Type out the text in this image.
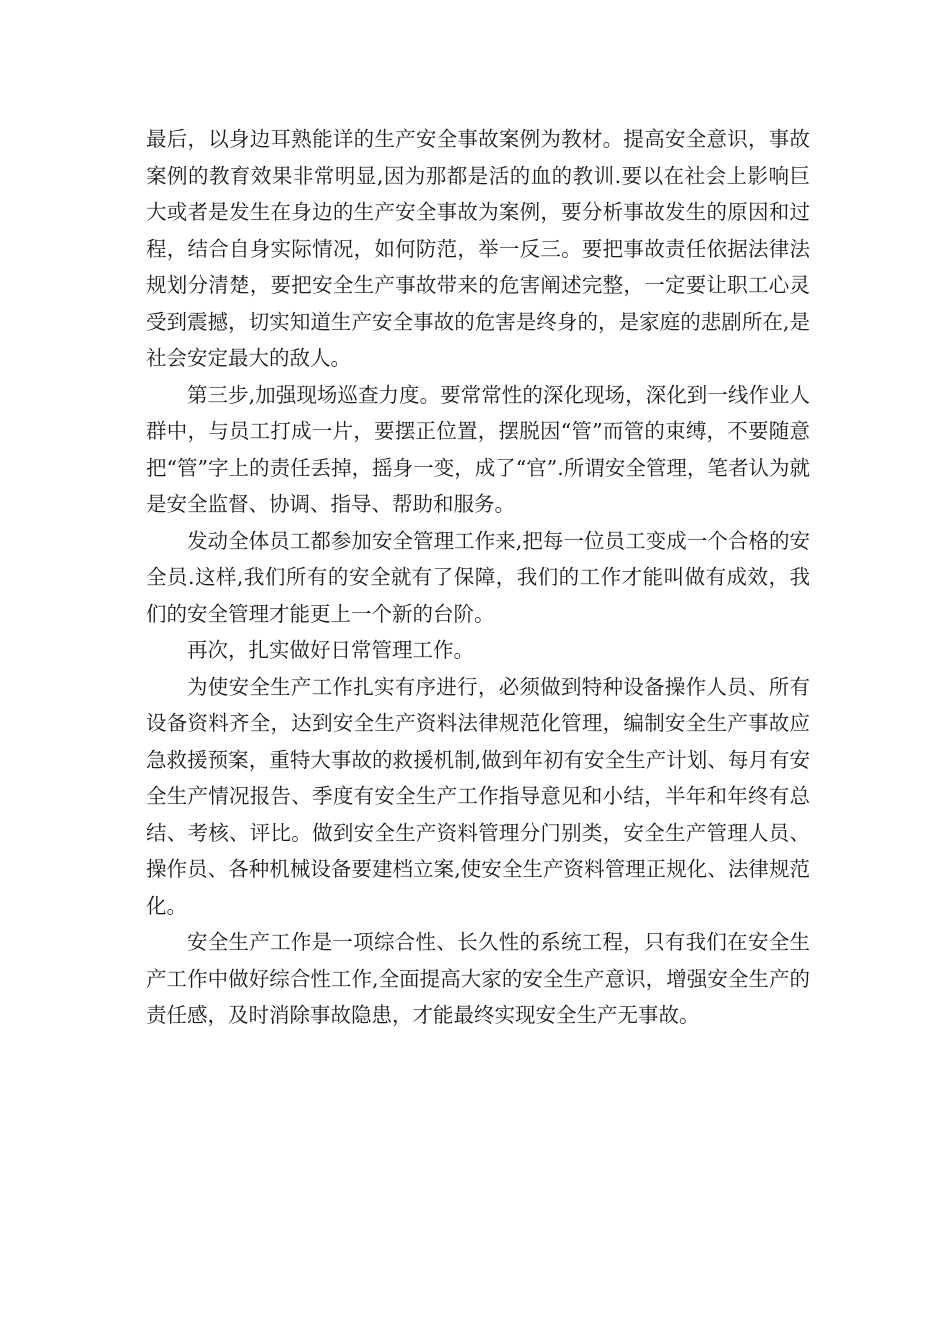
最后，以身边耳熟能详的生产安全事故案例为教材。提高安全意识，事故案例的教育效果非常明显,因为那都是活的血的教训.要以在社会上影响巨大或者是发生在身边的生产安全事故为案例，要分析事故发生的原因和过程，结合自身实际情况，如何防范，举一反三。要把事故责任依据法律法规划分清楚，要把安全生产事故带来的危害阐述完整，一定要让职工心灵受到震撼，切实知道生产安全事故的危害是终身的，是家庭的悲剧所在,是社会安定最大的敌人。

第三步,加强现场巡查力度。要常常性的深化现场，深化到一线作业人群中，与员工打成一片，要摆正位置，摆脱因“管”而管的束缚，不要随意把“管”字上的责任丢掉，摇身一变，成了“官”.所谓安全管理，笔者认为就是安全监督、协调、指导、帮助和服务。

发动全体员工都参加安全管理工作来,把每一位员工变成一个合格的安全员.这样,我们所有的安全就有了保障，我们的工作才能叫做有成效，我们的安全管理才能更上一个新的台阶。

再次，扎实做好日常管理工作。

为使安全生产工作扎实有序进行，必须做到特种设备操作人员、所有设备资料齐全，达到安全生产资料法律规范化管理，编制安全生产事故应急救援预案，重特大事故的救援机制,做到年初有安全生产计划、每月有安全生产情况报告、季度有安全生产工作指导意见和小结，半年和年终有总结、考核、评比。做到安全生产资料管理分门别类，安全生产管理人员、操作员、各种机械设备要建档立案,使安全生产资料管理正规化、法律规范化。

安全生产工作是一项综合性、长久性的系统工程，只有我们在安全生产工作中做好综合性工作,全面提高大家的安全生产意识，增强安全生产的责任感，及时消除事故隐患，才能最终实现安全生产无事故。
